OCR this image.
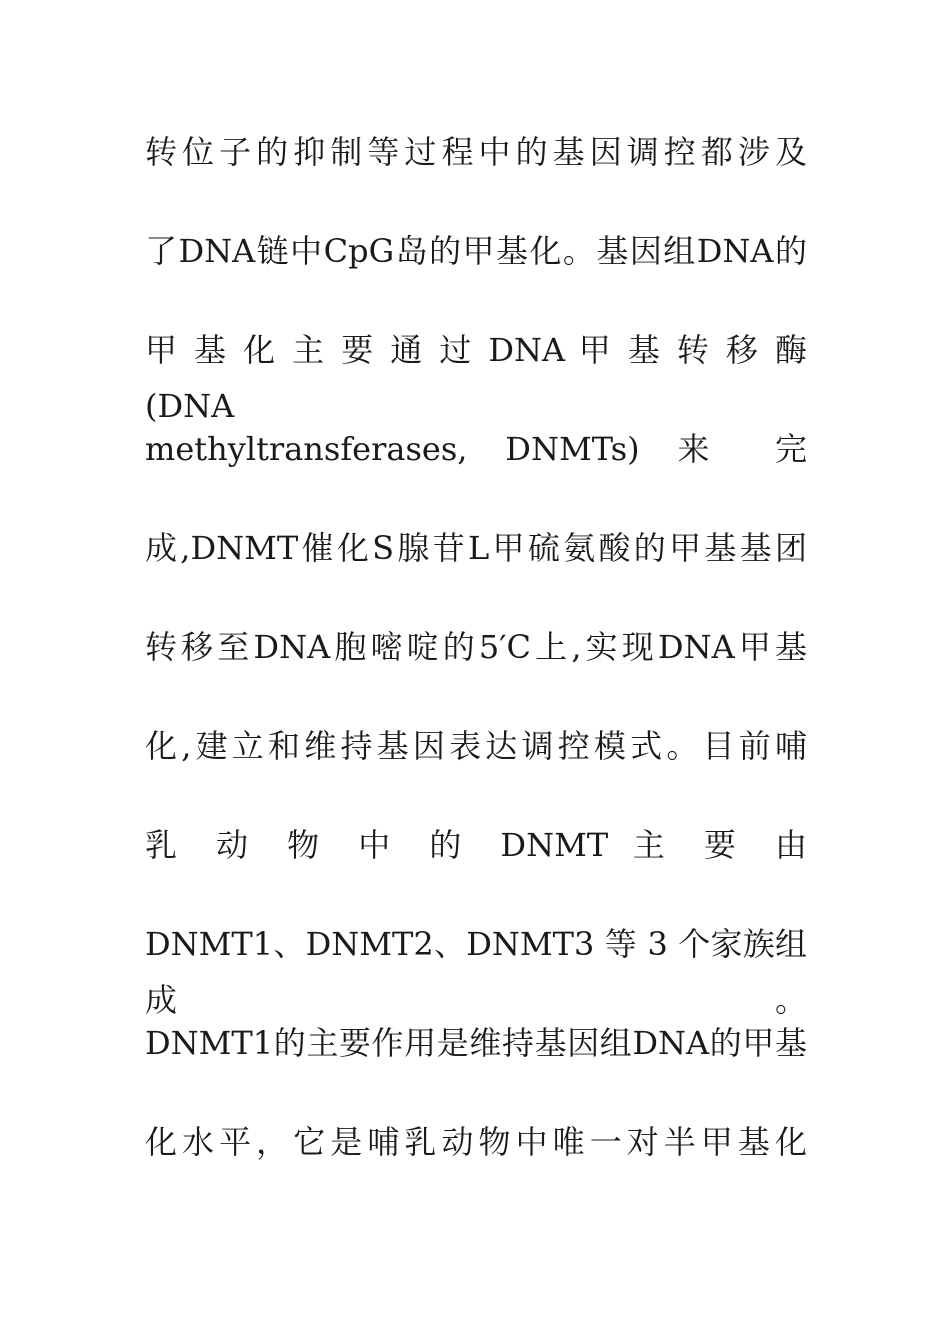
转位子的抑制等过程中的基因调控都涉及
了DNA链中CpG岛的甲基化。基因组DNA的
甲 基 化 主 要 通 过 DNA 甲 基 转 移 酶 (DNA
methyltransferases, DNMTs) 来 完
成,DNMT催化S腺苷L甲硫氨酸的甲基基团
转移至DNA胞嘧啶的5′C上,实现DNA甲基
化,建立和维持基因表达调控模式。目前哺
乳 动 物 中 的 DNMT 主 要 由
DNMT1、DNMT2、DNMT3 等 3 个家族组成。
DNMT1的主要作用是维持基因组DNA的甲基
化水平，它是哺乳动物中唯一对半甲基化
